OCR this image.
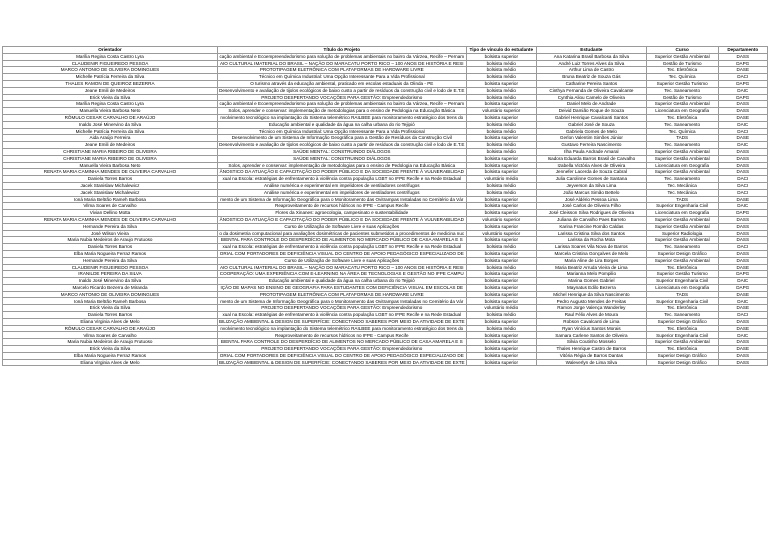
Orientador	Título do Projeto	Tipo de vínculo do estudante	Estudante	Curso	Departamento
Marília Regina Costa Castro Lyra	cação ambiental e Ecoempreendedorismo para solução de problemas ambientais no bairro da Várzea, Recife – Pernam	bolsista superior	Ana Katarina Brasil Barbosa da Silva	Superior Gestão Ambiental	DASS
CLAUDENIR FIGUEIREDO PESSOA	AIO CULTURAL IMATERIAL DO BRASIL – NAÇÃO DO MARACATU PORTO RICO – 100 ANOS DE HISTÓRIA E RESI	bolsista médio	André Luiz Torres Alves da Silva	Gestão de Turismo	DAPG
MARCO ANTONIO DE OLIVEIRA DOMINGUES	PROTOTIPAGEM ELETRÔNICA COM PLATAFORMAS DE HARDWARE LIVRE	bolsista médio	Arthur Lima de Castro	Tec. Eletrônica	DASE
Michelle Patrícia Ferreira da Silva	Técnico em Química Industrial: Uma Opção Interessante Para a Vida Profissional	bolsista médio	Bruna Beatriz de Souza Gás	Tec. Química	DACI
THALES RAMON DE QUEIROZ BEZERRA	O turismo através da educação ambiental, praticado em escolas estaduais da Olinda - PE	bolsista superior	Catharine Pereira Santos	Superior Gestão Turismo	DAPG
Jeane Emili de Medeiros	Desenvolvimento e avaliação de tijolos ecológicos de baixo custo a partir de resíduos da construção civil e lodo de E.T.E	bolsista médio	Cinthya Fernanda de Oliveira Cavalcante	Tec. Saneamento	DAIC
Erick Vieira da Silva	PROJETO DESPERTANDO VOCAÇÕES PARA GESTÃO: Empreendedorismo	bolsista médio	Cynthia Aliou Camelo de Oliveira	Gestão de Turismo	DAPG
Marília Regina Costa Castro Lyra	cação ambiental e Ecoempreendedorismo para solução de problemas ambientais no bairro da Várzea, Recife – Pernam	bolsista superior	Daniel Melo de Andrade	Superior Gestão Ambiental	DASS
Manuella Vieira Barbosa Neto	Solos, aprender e conservar: implementação de metodologias para o ensino de Pedologia na Educação Básica	voluntário superior	Deivid Damião Roque de Souza	Licenciatura em Geografia	DASS
RÔMULO CESAR CARVALHO DE ARAÚJO	nvolvimento tecnológico na implantação do Sistema telemétrico RAILBEE para monitoramento estratégico dos trens do	bolsista superior	Gabriel Henrique Cavalcanti Santos	Tec. Eletrônica	DASE
Inaldo José Minervino da Silva	Educação ambiental e qualidade da água na calha urbana do rio Tejipió	bolsista médio	Gabriel José de Souza	Tec. Saneamento	DAIC
Michelle Patrícia Ferreira da Silva	Técnico em Química Industrial: Uma Opção Interessante Para a Vida Profissional	bolsista médio	Gabriela Gomes de Melo	Tec. Química	DACI
Aida Araújo Ferreira	Desenvolvimento de um Sistema de Informação Geográfica para a Gestão de Resíduos da Construção Civil	bolsista superior	Gerlon Valentim Simões Júnior	TADS	DASE
Jeane Emili de Medeiros	Desenvolvimento e avaliação de tijolos ecológicos de baixo custo a partir de resíduos da construção civil e lodo de E.T.E	bolsista médio	Gustavo Ferreira Nascimento	Tec. Saneamento	DAIC
CHRISTIANE MARIA RIBEIRO DE OLIVEIRA	SAÚDE MENTAL: CONSTRUINDO DIÁLOGOS	bolsista médio	Ilha Paula Andrade Amaral	Superior Gestão Ambiental	DASS
CHRISTIANE MARIA RIBEIRO DE OLIVEIRA	SAÚDE MENTAL: CONSTRUINDO DIÁLOGOS	bolsista superior	Isadora Eduarda Barros Brasil de Carvalho	Superior Gestão Ambiental	DASS
Manuella Vieira Barbosa Neto	Solos, aprender e conservar: implementação de metodologias para o ensino de Pedologia na Educação Básica	bolsista superior	Izabella Victória Alves de Oliveira	Licenciatura em Geografia	DASS
RENATA MARIA CAMINHA MENDES DE OLIVEIRA CARVALHO	ÃNOSTICO DA ATUAÇÃO E CAPACITAÇÃO DO PODER PÚBLICO E DA SOCIEDADE FRENTE À VULNERABILIDAD	bolsista superior	Jennefer Lacerda de Souza Cabral	Superior Gestão Ambiental	DASS
Daniela Torres Barros	xual na Escola: estratégias de enfrentamento à violência contra população LGBT no IFPE Recife e na Rede Estadual	voluntário médio	Julia Carolinne Gomes de Santana	Tec. Saneamento	DACI
Jacek Stanislaw Michalewicz	Análise numérica e experimental em impelidores de ventiladores centrífugos	bolsista médio	Jeyverson da Silva Lima	Tec. Mecânica	DACI
Jacek Stanislaw Michalewicz	Análise numérica e experimental em impelidores de ventiladores centrífugos	bolsista médio	João Marcus Simão Bettelo	Tec. Mecânica	DACI
Ioná Maria Beltrão Rameh Barbosa	mento de um Sistema de Informação Geográfica para o Monitoramento das Ovitrampas Instaladas no Cemitério da Vár	bolsista superior	José Aldério Pessoa Lima	TADS	DASE
Vilma Soares de Carvalho	Reaproveitamento de recursos hídricos no IFPE - Campus Recife	bolsista superior	José Carlos de Oliveira Filho	Superior Engenharia Civil	DAIC
Vivian Dellino Motta	Flores da Xinanes: agroecologia, campesinato e sustentabilidade	bolsista superior	José Cleisson Silva Rodrigues de Oliveira	Licenciatura em Geografia	DAPG
RENATA MARIA CAMINHA MENDES DE OLIVEIRA CARVALHO	ÃNOSTICO DA ATUAÇÃO E CAPACITAÇÃO DO PODER PÚBLICO E DA SOCIEDADE FRENTE À VULNERABILIDAD	voluntário superior	Juliana de Carvalho Paes Barreto	Superior Gestão Ambiental	DASS
Hernande Pereira da Silva	Curso de Utilização de Software Livre e suas Aplicações	bolsista superior	Karina Francine Romão Caldas	Superior Gestão Ambiental	DASS
José Wilson Vieira	o da dosimetria computacional para avaliações dosimétricas de pacientes submetidos a procedimentos de medicina nuc	voluntário superior	Larissa Cristina Silva dos Santos	Superior Radiologia	DASS
Maria Nubia Medeiros de Araujo Frutuoso	BIENTAL PARA CONTROLE DO DESPERDÍCIO DE ALIMENTOS NO MERCADO PÚBLICO DE CASA AMARELA E S	bolsista superior	Larissa da Rocha Mota	Superior Gestão Ambiental	DASS
Daniela Torres Barros	xual na Escola: estratégias de enfrentamento à violência contra população LGBT no IFPE Recife e na Rede Estadual	bolsista médio	Larissa Soares Vila Nova de Barros	Tec. Saneamento	DACI
Elba Maria Nogueira Ferraz Ramos	ORIAL COM PORTADORES DE DEFICIÊNCIA VISUAL DO CENTRO DE APOIO PEDAGÓGICO ESPECIALIZADO DE	bolsista superior	Marcela Cristina Gonçalves de Melo	Superior Design Gráfico	DASS
Hernande Pereira da Silva	Curso de Utilização de Software Livre e suas Aplicações	bolsista superior	Maria Aline de Lira Borges	Superior Gestão Ambiental	DASS
CLAUDENIR FIGUEIREDO PESSOA	AIO CULTURAL IMATERIAL DO BRASIL – NAÇÃO DO MARACATU PORTO RICO – 100 ANOS DE HISTÓRIA E RESI	bolsista médio	Maria Beatriz Arruda Vieira de Lima	Tec. Eletrônica	DASE
IRANILDE PEREIRA DA SILVA	COOPERAÇÃO: UMA EXPERIÊNCIA COM E-LEARNING NA ÁREA DE TECNOLOGIAS E GESTÃO NO IFPE CAMPU	bolsista superior	Marianna Melo Pompilio	Superior Gestão Turismo	DAPG
Inaldo José Minervino da Silva	Educação ambiental e qualidade da água na calha urbana do rio Tejipió	bolsista superior	Marina Gomes Gabriel	Superior Engenharia Civil	DAIC
Marcelo Ricardo Bezerra de Miranda	IÇÃO DE MAPAS NO ENSINO DE GEOGRAFIA PARA ESTUDANTES COM DEFICIÊNCIA VISUAL EM ESCOLAS DE	bolsista superior	Maynatus Edilo Bezerra	Licenciatura em Geografia	DAPG
MARCO ANTONIO DE OLIVEIRA DOMINGUES	PROTOTIPAGEM ELETRÔNICA COM PLATAFORMAS DE HARDWARE LIVRE	bolsista superior	Michel Henrique da Silva Nascimento	TADS	DASE
Ioná Maria Beltrão Rameh Barbosa	mento de um Sistema de Informação Geográfica para o Monitoramento das Ovitrampas Instaladas no Cemitério da Vár	bolsista superior	Pedro Augusto Mendes de Freitas	Superior Engenharia Civil	DAIC
Erick Vieira da Silva	PROJETO DESPERTANDO VOCAÇÕES PARA GESTÃO: Empreendedorismo	voluntário médio	Ramon Jorge Valença Wanderley	Tec. Eletrônica	DASE
Daniela Torres Barros	xual na Escola: estratégias de enfrentamento à violência contra população LGBT no IFPE Recife e na Rede Estadual	bolsista médio	Raul Félix Alves de Moura	Tec. Saneamento	DACI
Eliana Virginia Alves de Melo	BILIZAÇÃO AMBIENTAL & DESIGN DE SUPERFÍCIE: CONECTANDO SABERES POR MEIO DA ATIVIDADE DE EXTE	bolsista superior	Robson Cavalcanti de Lima	Superior Design Gráfico	DASS
RÔMULO CESAR CARVALHO DE ARAÚJO	nvolvimento tecnológico na implantação do Sistema telemétrico RAILBEE para monitoramento estratégico dos trens do	bolsista médio	Ryan Vinícius Santos Morais	Tec. Eletrônica	DASE
Vilma Soares de Carvalho	Reaproveitamento de recursos hídricos no IFPE - Campus Recife	bolsista superior	Samara Carlene Santos de Oliveira	Superior Engenharia Civil	DAIC
Maria Nubia Medeiros de Araujo Frutuoso	BIENTAL PARA CONTROLE DO DESPERDÍCIO DE ALIMENTOS NO MERCADO PÚBLICO DE CASA AMARELA E S	bolsista superior	Silvia Coutinho Mosselo	Superior Gestão Ambiental	DASS
Erick Vieira da Silva	PROJETO DESPERTANDO VOCAÇÕES PARA GESTÃO: Empreendedorismo	bolsista superior	Thales Henrique Castro de Barros	Tec. Eletrônica	DASE
Elba Maria Nogueira Ferraz Ramos	ORIAL COM PORTADORES DE DEFICIÊNCIA VISUAL DO CENTRO DE APOIO PEDAGÓGICO ESPECIALIZADO DE	bolsista superior	Vitória Régia de Barros Dantas	Superior Design Gráfico	DASS
Eliana Virginia Alves de Melo	BILIZAÇÃO AMBIENTAL & DESIGN DE SUPERFÍCIE: CONECTANDO SABERES POR MEIO DA ATIVIDADE DE EXTE	bolsista superior	Waleverlyn de Lima Silva	Superior Design Gráfico	DASS
